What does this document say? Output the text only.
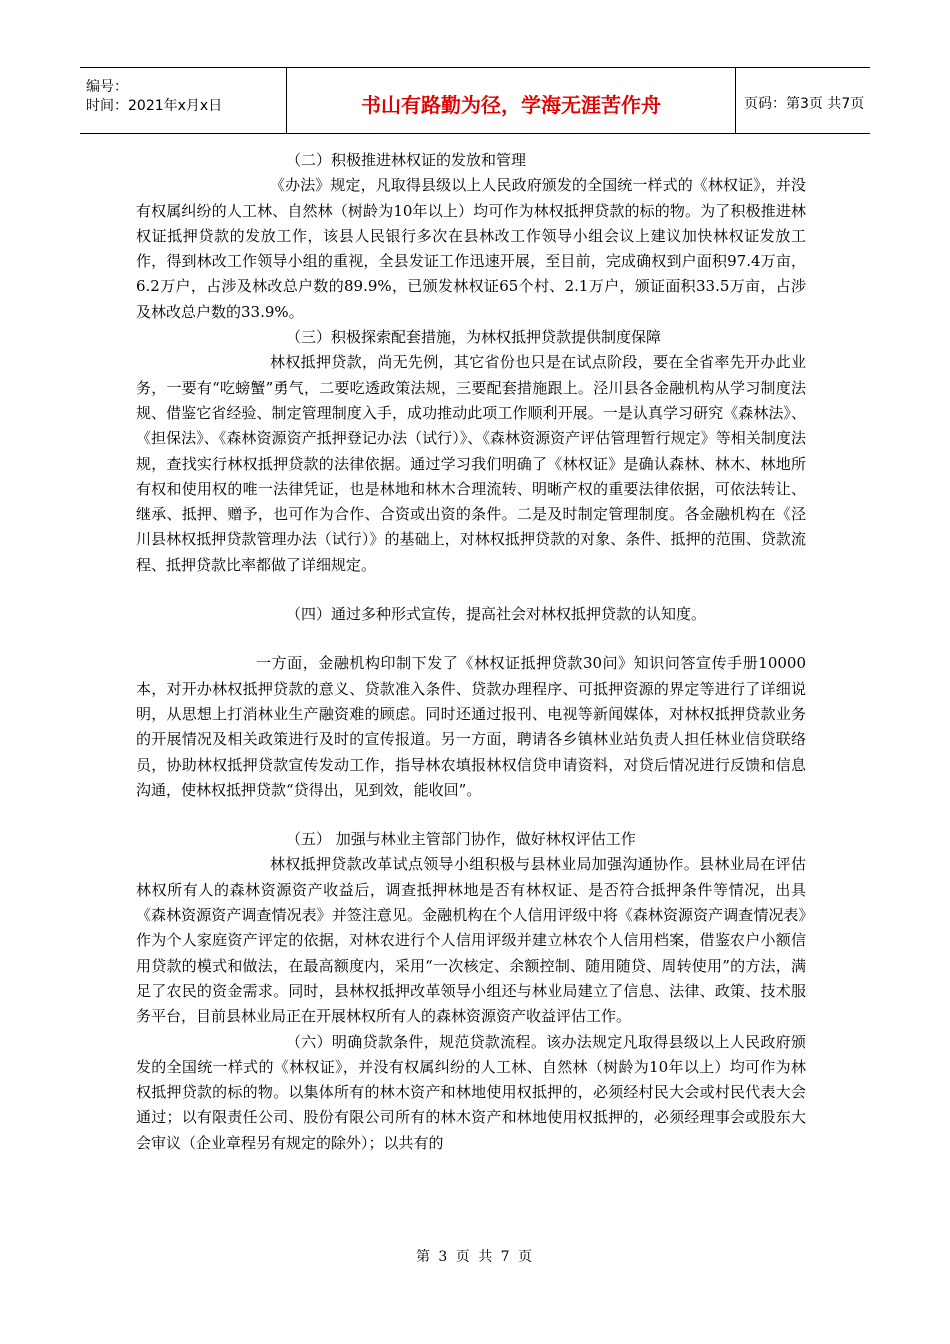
编号：
时间：2021年x月x日	书山有路勤为径，学海无涯苦作舟	页码：第3页 共7页

（二）积极推进林权证的发放和管理

《办法》规定，凡取得县级以上人民政府颁发的全国统一样式的《林权证》，并没有权属纠纷的人工林、自然林（树龄为10年以上）均可作为林权抵押贷款的标的物。为了积极推进林权证抵押贷款的发放工作，该县人民银行多次在县林改工作领导小组会议上建议加快林权证发放工作，得到林改工作领导小组的重视，全县发证工作迅速开展，至目前，完成确权到户面积97.4万亩，6.2万户，占涉及林改总户数的89.9%，已颁发林权证65个村、2.1万户，颁证面积33.5万亩，占涉及林改总户数的33.9%。

（三）积极探索配套措施，为林权抵押贷款提供制度保障

林权抵押贷款，尚无先例，其它省份也只是在试点阶段，要在全省率先开办此业务，一要有“吃螃蟹”勇气，二要吃透政策法规，三要配套措施跟上。泾川县各金融机构从学习制度法规、借鉴它省经验、制定管理制度入手，成功推动此项工作顺利开展。一是认真学习研究《森林法》、《担保法》、《森林资源资产抵押登记办法（试行）》、《森林资源资产评估管理暂行规定》等相关制度法规，查找实行林权抵押贷款的法律依据。通过学习我们明确了《林权证》是确认森林、林木、林地所有权和使用权的唯一法律凭证，也是林地和林木合理流转、明晰产权的重要法律依据，可依法转让、继承、抵押、赠予，也可作为合作、合资或出资的条件。二是及时制定管理制度。各金融机构在《泾川县林权抵押贷款管理办法（试行）》的基础上，对林权抵押贷款的对象、条件、抵押的范围、贷款流程、抵押贷款比率都做了详细规定。

（四）通过多种形式宣传，提高社会对林权抵押贷款的认知度。

一方面，金融机构印制下发了《林权证抵押贷款30问》知识问答宣传手册10000本，对开办林权抵押贷款的意义、贷款准入条件、贷款办理程序、可抵押资源的界定等进行了详细说明，从思想上打消林业生产融资难的顾虑。同时还通过报刊、电视等新闻媒体，对林权抵押贷款业务的开展情况及相关政策进行及时的宣传报道。另一方面，聘请各乡镇林业站负责人担任林业信贷联络员，协助林权抵押贷款宣传发动工作，指导林农填报林权信贷申请资料，对贷后情况进行反馈和信息沟通，使林权抵押贷款“贷得出，见到效，能收回”。

（五） 加强与林业主管部门协作，做好林权评估工作

林权抵押贷款改革试点领导小组积极与县林业局加强沟通协作。县林业局在评估林权所有人的森林资源资产收益后，调查抵押林地是否有林权证、是否符合抵押条件等情况，出具《森林资源资产调查情况表》并签注意见。金融机构在个人信用评级中将《森林资源资产调查情况表》作为个人家庭资产评定的依据，对林农进行个人信用评级并建立林农个人信用档案，借鉴农户小额信用贷款的模式和做法，在最高额度内，采用“一次核定、余额控制、随用随贷、周转使用”的方法，满足了农民的资金需求。同时，县林权抵押改革领导小组还与林业局建立了信息、法律、政策、技术服务平台，目前县林业局正在开展林权所有人的森林资源资产收益评估工作。

（六）明确贷款条件，规范贷款流程。该办法规定凡取得县级以上人民政府颁发的全国统一样式的《林权证》，并没有权属纠纷的人工林、自然林（树龄为10年以上）均可作为林权抵押贷款的标的物。以集体所有的林木资产和林地使用权抵押的，必须经村民大会或村民代表大会通过；以有限责任公司、股份有限公司所有的林木资产和林地使用权抵押的，必须经理事会或股东大会审议（企业章程另有规定的除外）；以共有的

第 3 页 共 7 页
